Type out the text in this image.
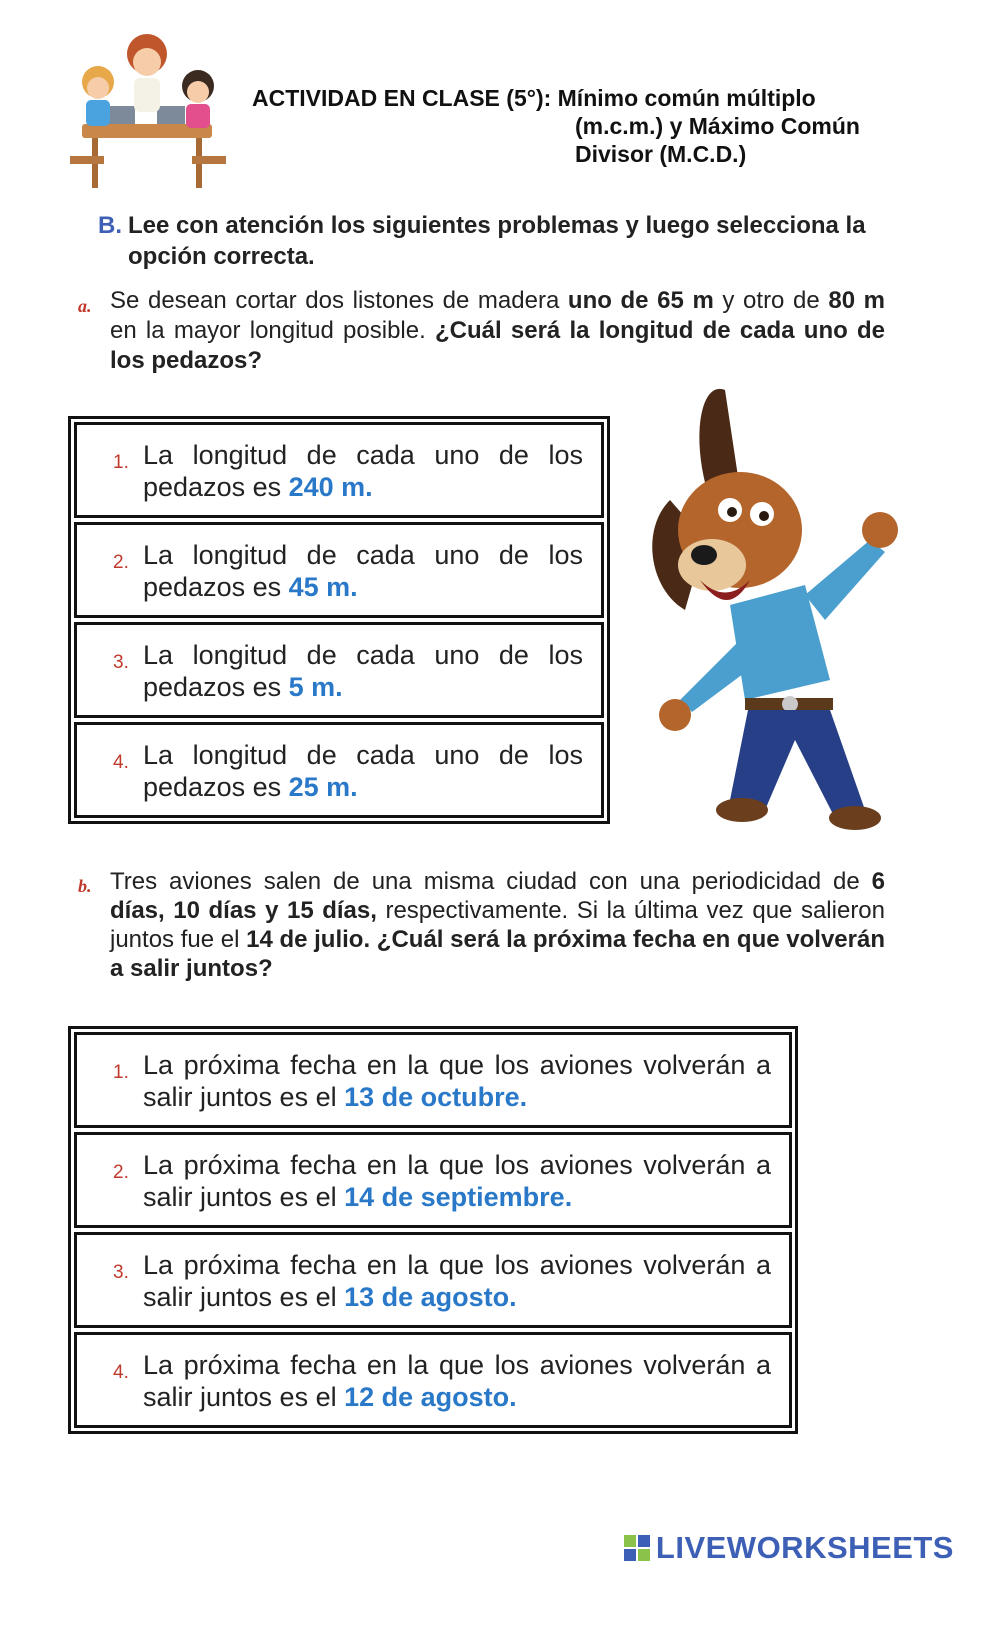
ACTIVIDAD EN CLASE (5°): Mínimo común múltiplo
(m.c.m.) y Máximo Común
Divisor (M.C.D.)
B. Lee con atención los siguientes problemas y luego selecciona la opción correcta.
a. Se desean cortar dos listones de madera uno de 65 m y otro de 80 m en la mayor longitud posible. ¿Cuál será la longitud de cada uno de los pedazos?
1. La longitud de cada uno de los pedazos es 240 m.
2. La longitud de cada uno de los pedazos es 45 m.
3. La longitud de cada uno de los pedazos es 5 m.
4. La longitud de cada uno de los pedazos es 25 m.
b. Tres aviones salen de una misma ciudad con una periodicidad de 6 días, 10 días y 15 días, respectivamente. Si la última vez que salieron juntos fue el 14 de julio. ¿Cuál será la próxima fecha en que volverán a salir juntos?
1. La próxima fecha en la que los aviones volverán a salir juntos es el 13 de octubre.
2. La próxima fecha en la que los aviones volverán a salir juntos es el 14 de septiembre.
3. La próxima fecha en la que los aviones volverán a salir juntos es el 13 de agosto.
4. La próxima fecha en la que los aviones volverán a salir juntos es el 12 de agosto.
LIVEWORKSHEETS
